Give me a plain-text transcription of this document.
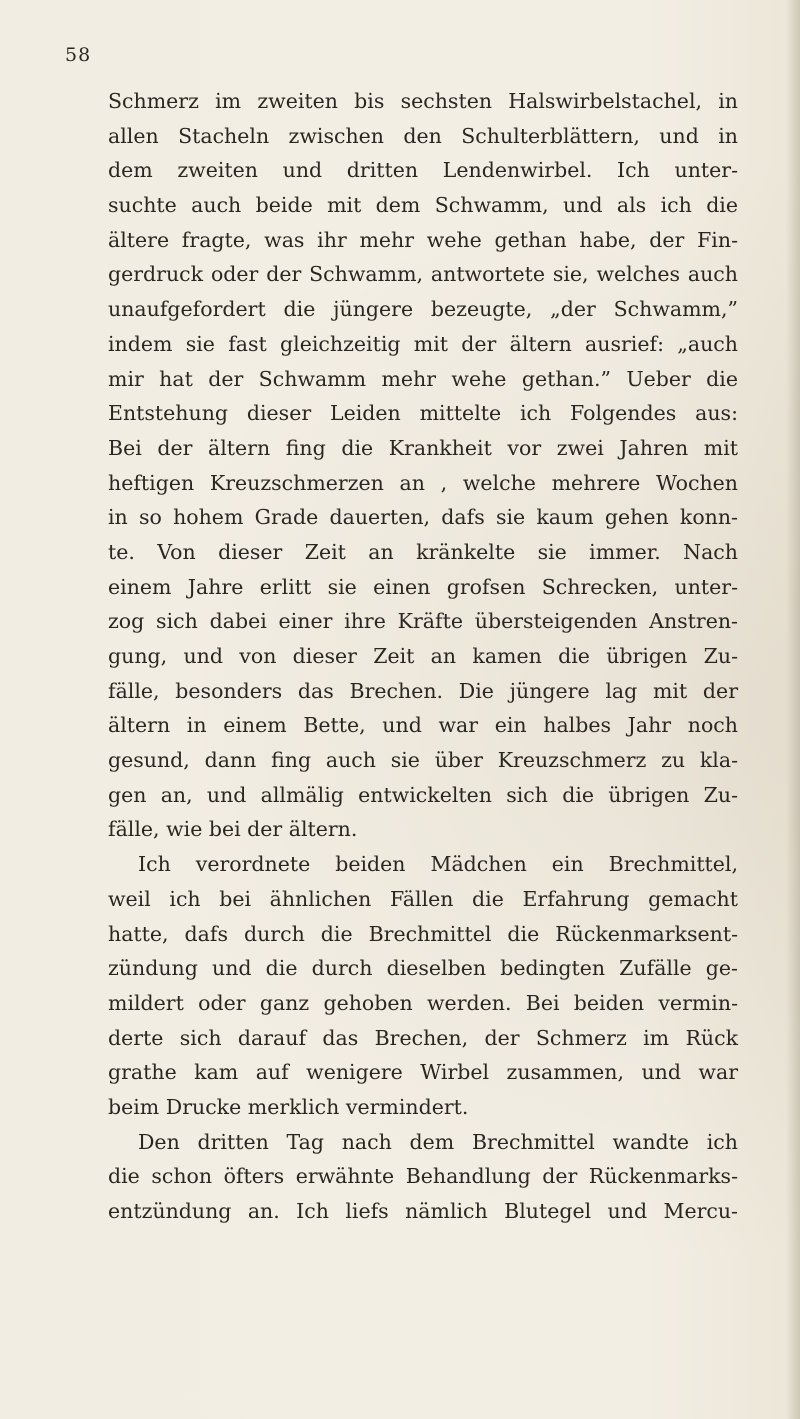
58
Schmerz im zweiten bis sechsten Halswirbelstachel, in
allen Stacheln zwischen den Schulterblättern, und in
dem zweiten und dritten Lendenwirbel. Ich unter-
suchte auch beide mit dem Schwamm, und als ich die
ältere fragte, was ihr mehr wehe gethan habe, der Fin-
gerdruck oder der Schwamm, antwortete sie, welches auch
unaufgefordert die jüngere bezeugte, „der Schwamm,”
indem sie fast gleichzeitig mit der ältern ausrief: „auch
mir hat der Schwamm mehr wehe gethan.” Ueber die
Entstehung dieser Leiden mittelte ich Folgendes aus:
Bei der ältern fing die Krankheit vor zwei Jahren mit
heftigen Kreuzschmerzen an , welche mehrere Wochen
in so hohem Grade dauerten, dafs sie kaum gehen konn-
te. Von dieser Zeit an kränkelte sie immer. Nach
einem Jahre erlitt sie einen grofsen Schrecken, unter-
zog sich dabei einer ihre Kräfte übersteigenden Anstren-
gung, und von dieser Zeit an kamen die übrigen Zu-
fälle, besonders das Brechen. Die jüngere lag mit der
ältern in einem Bette, und war ein halbes Jahr noch
gesund, dann fing auch sie über Kreuzschmerz zu kla-
gen an, und allmälig entwickelten sich die übrigen Zu-
fälle, wie bei der ältern.
Ich verordnete beiden Mädchen ein Brechmittel,
weil ich bei ähnlichen Fällen die Erfahrung gemacht
hatte, dafs durch die Brechmittel die Rückenmarksent-
zündung und die durch dieselben bedingten Zufälle ge-
mildert oder ganz gehoben werden. Bei beiden vermin-
derte sich darauf das Brechen, der Schmerz im Rück
grathe kam auf wenigere Wirbel zusammen, und war
beim Drucke merklich vermindert.
Den dritten Tag nach dem Brechmittel wandte ich
die schon öfters erwähnte Behandlung der Rückenmarks-
entzündung an. Ich liefs nämlich Blutegel und Mercu-
